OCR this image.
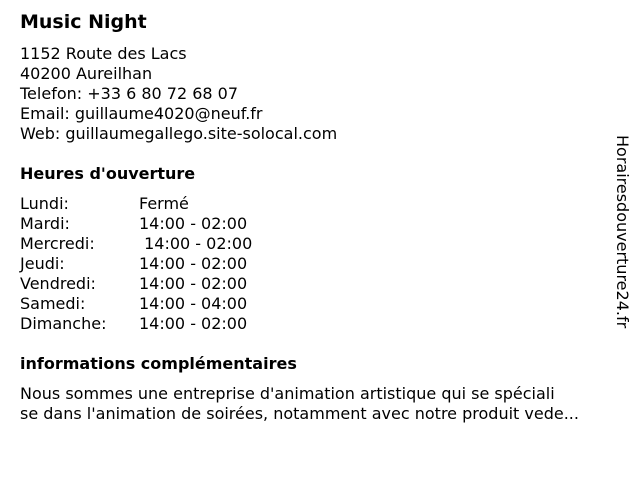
Music Night
1152 Route des Lacs
40200 Aureilhan
Telefon: +33 6 80 72 68 07
Email: guillaume4020@neuf.fr
Web: guillaumegallego.site-solocal.com
Heures d'ouverture
Lundi:	Fermé
Mardi:	14:00 - 02:00
Mercredi:	14:00 - 02:00
Jeudi:	14:00 - 02:00
Vendredi:	14:00 - 02:00
Samedi:	14:00 - 04:00
Dimanche:	14:00 - 02:00
informations complémentaires
Nous sommes une entreprise d'animation artistique qui se spéciali
se dans l'animation de soirées, notamment avec notre produit vede...
Horairesdouverture24.fr
